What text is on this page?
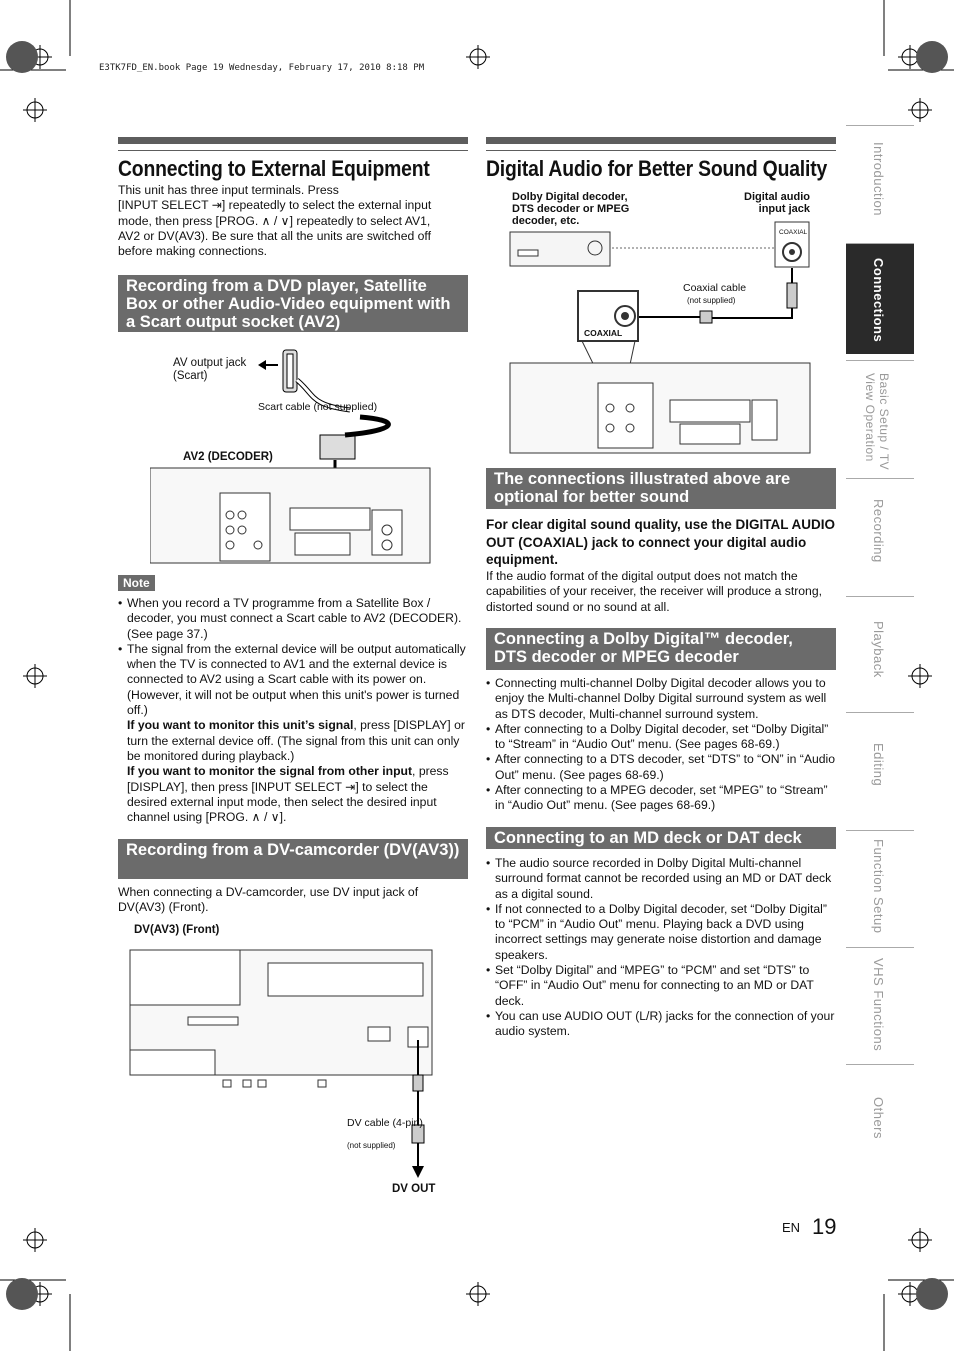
E3TK7FD_EN.book Page 19 Wednesday, February 17, 2010 8:18 PM
Connecting to External Equipment
This unit has three input terminals. Press
[INPUT SELECT ⇥] repeatedly to select the external input
mode, then press [PROG. ∧ / ∨] repeatedly to select AV1,
AV2 or DV(AV3). Be sure that all the units are switched off
before making connections.
Recording from a DVD player, Satellite Box or other Audio-Video equipment with a Scart output socket (AV2)
AV output jack (Scart)
Scart cable (not supplied)
AV2 (DECODER)
Note
• When you record a TV programme from a Satellite Box / decoder, you must connect a Scart cable to AV2 (DECODER). (See page 37.)
• The signal from the external device will be output automatically when the TV is connected to AV1 and the external device is connected to AV2 using a Scart cable with its power on. (However, it will not be output when this unit's power is turned off.)
If you want to monitor this unit’s signal, press [DISPLAY] or turn the external device off. (The signal from this unit can only be monitored during playback.)
If you want to monitor the signal from other input, press [DISPLAY], then press [INPUT SELECT ⇥] to select the desired external input mode, then select the desired input channel using [PROG. ∧ / ∨].
Recording from a DV-camcorder (DV(AV3))
When connecting a DV-camcorder, use DV input jack of DV(AV3) (Front).
DV(AV3) (Front)
DV cable (4-pin)
(not supplied)
DV OUT
Digital Audio for Better Sound Quality
Dolby Digital decoder, DTS decoder or MPEG decoder, etc.
Digital audio input jack
COAXIAL
Coaxial cable
(not supplied)
COAXIAL
The connections illustrated above are optional for better sound
For clear digital sound quality, use the DIGITAL AUDIO OUT (COAXIAL) jack to connect your digital audio equipment.
If the audio format of the digital output does not match the capabilities of your receiver, the receiver will produce a strong, distorted sound or no sound at all.
Connecting a Dolby Digital™ decoder, DTS decoder or MPEG decoder
• Connecting multi-channel Dolby Digital decoder allows you to enjoy the Multi-channel Dolby Digital surround system as well as DTS decoder, Multi-channel surround system.
• After connecting to a Dolby Digital decoder, set “Dolby Digital” to “Stream” in “Audio Out” menu. (See pages 68-69.)
• After connecting to a DTS decoder, set “DTS” to “ON” in “Audio Out” menu. (See pages 68-69.)
• After connecting to a MPEG decoder, set “MPEG” to “Stream” in “Audio Out” menu. (See pages 68-69.)
Connecting to an MD deck or DAT deck
• The audio source recorded in Dolby Digital Multi-channel surround format cannot be recorded using an MD or DAT deck as a digital sound.
• If not connected to a Dolby Digital decoder, set “Dolby Digital” to “PCM” in “Audio Out” menu. Playing back a DVD using incorrect settings may generate noise distortion and damage speakers.
• Set “Dolby Digital” and “MPEG” to “PCM” and set “DTS” to “OFF” in “Audio Out” menu for connecting to an MD or DAT deck.
• You can use AUDIO OUT (L/R) jacks for the connection of your audio system.
Introduction
Connections
Basic Setup / TV View Operation
Recording
Playback
Editing
Function Setup
VHS Functions
Others
EN 19
